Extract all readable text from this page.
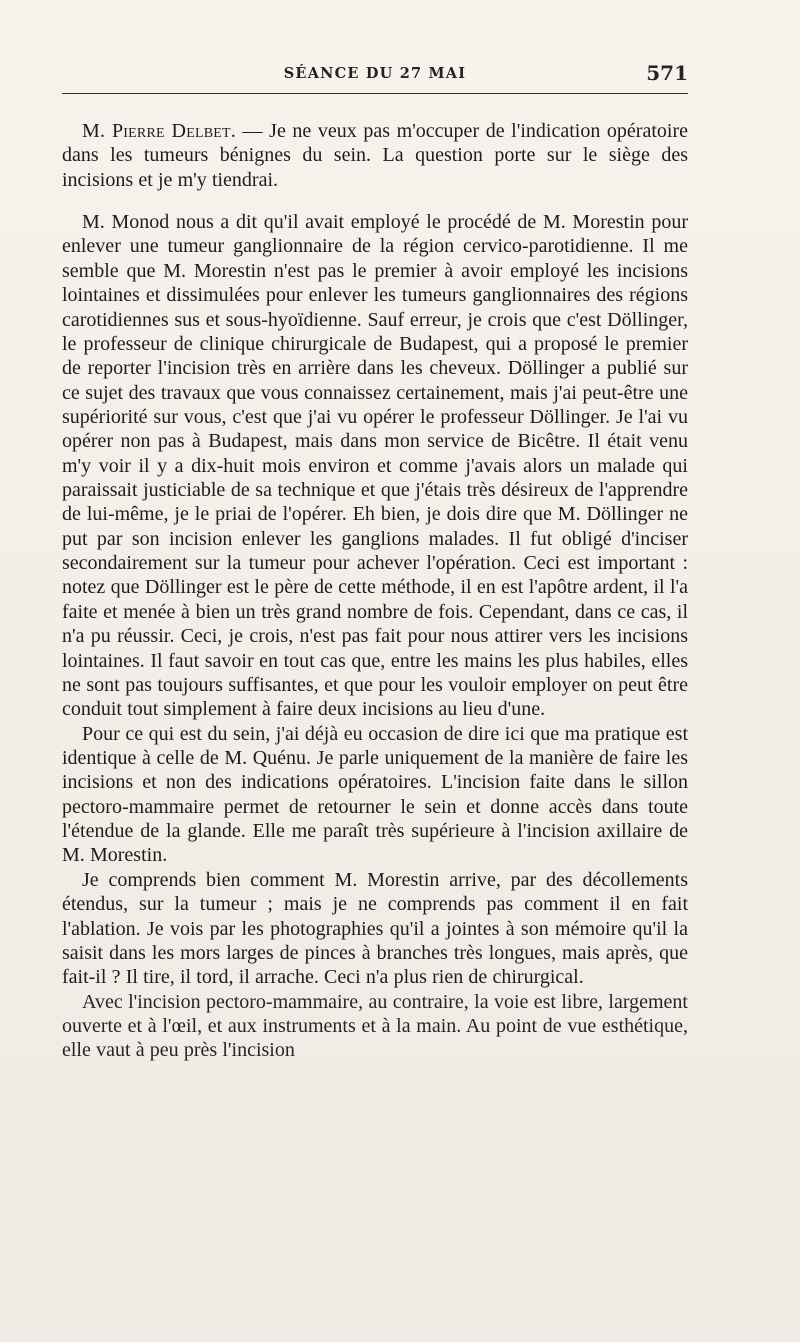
SÉANCE DU 27 MAI	571

M. Pierre Delbet. — Je ne veux pas m'occuper de l'indication opératoire dans les tumeurs bénignes du sein. La question porte sur le siège des incisions et je m'y tiendrai.

M. Monod nous a dit qu'il avait employé le procédé de M. Morestin pour enlever une tumeur ganglionnaire de la région cervico-parotidienne. Il me semble que M. Morestin n'est pas le premier à avoir employé les incisions lointaines et dissimulées pour enlever les tumeurs ganglionnaires des régions carotidiennes sus et sous-hyoïdienne. Sauf erreur, je crois que c'est Döllinger, le professeur de clinique chirurgicale de Budapest, qui a proposé le premier de reporter l'incision très en arrière dans les cheveux. Döllinger a publié sur ce sujet des travaux que vous connaissez certainement, mais j'ai peut-être une supériorité sur vous, c'est que j'ai vu opérer le professeur Döllinger. Je l'ai vu opérer non pas à Budapest, mais dans mon service de Bicêtre. Il était venu m'y voir il y a dix-huit mois environ et comme j'avais alors un malade qui paraissait justiciable de sa technique et que j'étais très désireux de l'apprendre de lui-même, je le priai de l'opérer. Eh bien, je dois dire que M. Döllinger ne put par son incision enlever les ganglions malades. Il fut obligé d'inciser secondairement sur la tumeur pour achever l'opération. Ceci est important : notez que Döllinger est le père de cette méthode, il en est l'apôtre ardent, il l'a faite et menée à bien un très grand nombre de fois. Cependant, dans ce cas, il n'a pu réussir. Ceci, je crois, n'est pas fait pour nous attirer vers les incisions lointaines. Il faut savoir en tout cas que, entre les mains les plus habiles, elles ne sont pas toujours suffisantes, et que pour les vouloir employer on peut être conduit tout simplement à faire deux incisions au lieu d'une.

Pour ce qui est du sein, j'ai déjà eu occasion de dire ici que ma pratique est identique à celle de M. Quénu. Je parle uniquement de la manière de faire les incisions et non des indications opératoires. L'incision faite dans le sillon pectoro-mammaire permet de retourner le sein et donne accès dans toute l'étendue de la glande. Elle me paraît très supérieure à l'incision axillaire de M. Morestin.

Je comprends bien comment M. Morestin arrive, par des décollements étendus, sur la tumeur ; mais je ne comprends pas comment il en fait l'ablation. Je vois par les photographies qu'il a jointes à son mémoire qu'il la saisit dans les mors larges de pinces à branches très longues, mais après, que fait-il ? Il tire, il tord, il arrache. Ceci n'a plus rien de chirurgical.

Avec l'incision pectoro-mammaire, au contraire, la voie est libre, largement ouverte et à l'œil, et aux instruments et à la main. Au point de vue esthétique, elle vaut à peu près l'incision
